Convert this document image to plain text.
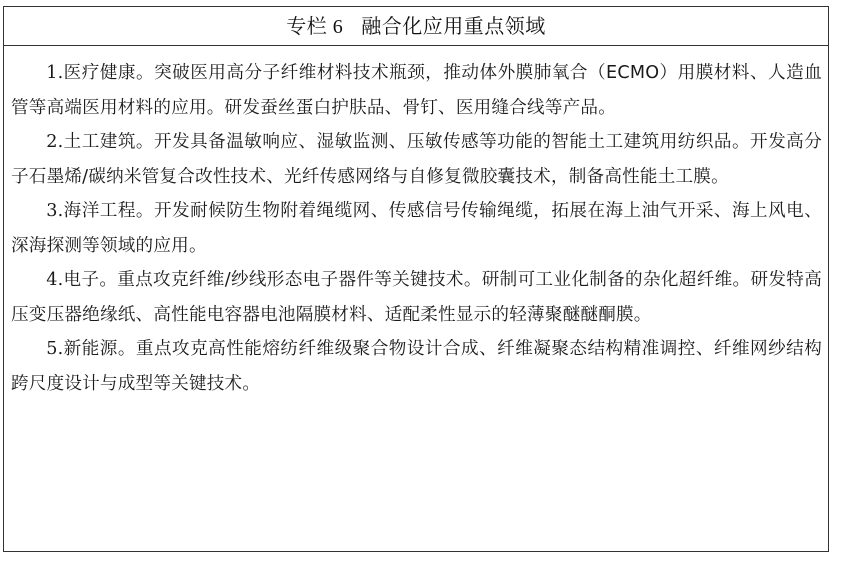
专栏 6 融合化应用重点领域

1.医疗健康。突破医用高分子纤维材料技术瓶颈，推动体外膜肺氧合（ECMO）用膜材料、人造血管等高端医用材料的应用。研发蚕丝蛋白护肤品、骨钉、医用缝合线等产品。

2.土工建筑。开发具备温敏响应、湿敏监测、压敏传感等功能的智能土工建筑用纺织品。开发高分子石墨烯/碳纳米管复合改性技术、光纤传感网络与自修复微胶囊技术，制备高性能土工膜。

3.海洋工程。开发耐候防生物附着绳缆网、传感信号传输绳缆，拓展在海上油气开采、海上风电、深海探测等领域的应用。

4.电子。重点攻克纤维/纱线形态电子器件等关键技术。研制可工业化制备的杂化超纤维。研发特高压变压器绝缘纸、高性能电容器电池隔膜材料、适配柔性显示的轻薄聚醚醚酮膜。

5.新能源。重点攻克高性能熔纺纤维级聚合物设计合成、纤维凝聚态结构精准调控、纤维网纱结构跨尺度设计与成型等关键技术。
